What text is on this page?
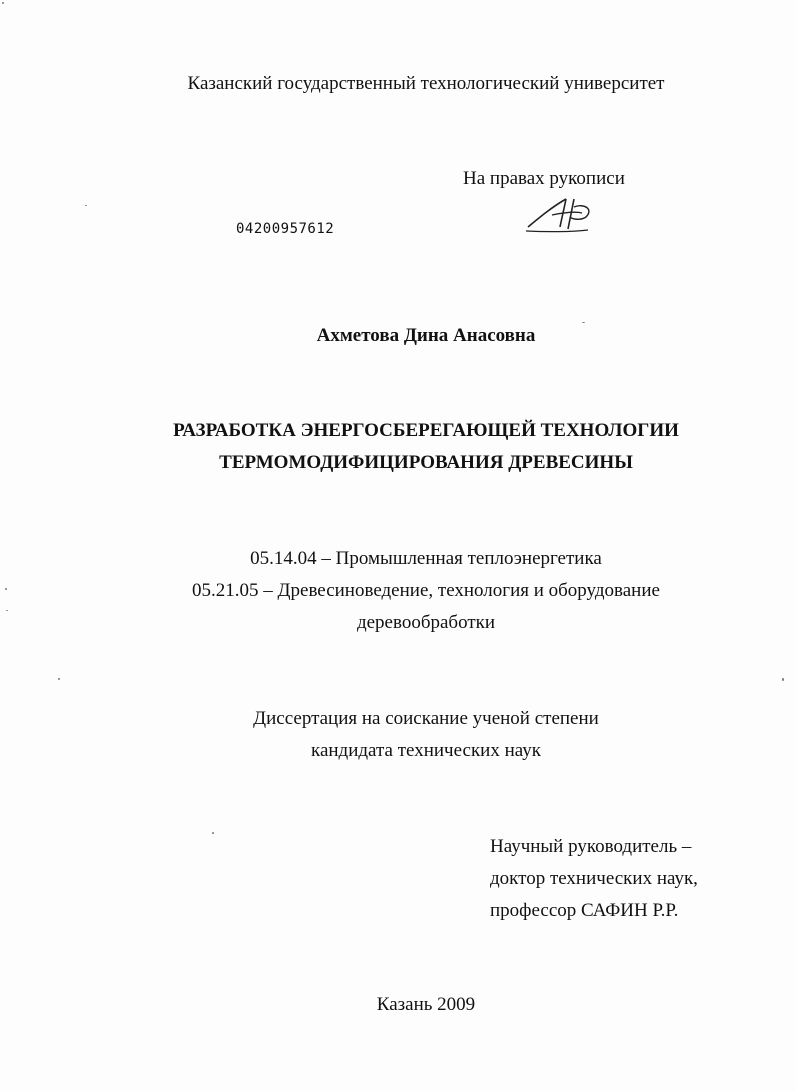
Казанский государственный технологический университет
На правах рукописи
04200957612
Ахметова Дина Анасовна
РАЗРАБОТКА ЭНЕРГОСБЕРЕГАЮЩЕЙ ТЕХНОЛОГИИ
ТЕРМОМОДИФИЦИРОВАНИЯ ДРЕВЕСИНЫ
05.14.04 – Промышленная теплоэнергетика
05.21.05 – Древесиноведение, технология и оборудование
деревообработки
Диссертация на соискание ученой степени
кандидата технических наук
Научный руководитель –
доктор технических наук,
профессор САФИН Р.Р.
Казань 2009
